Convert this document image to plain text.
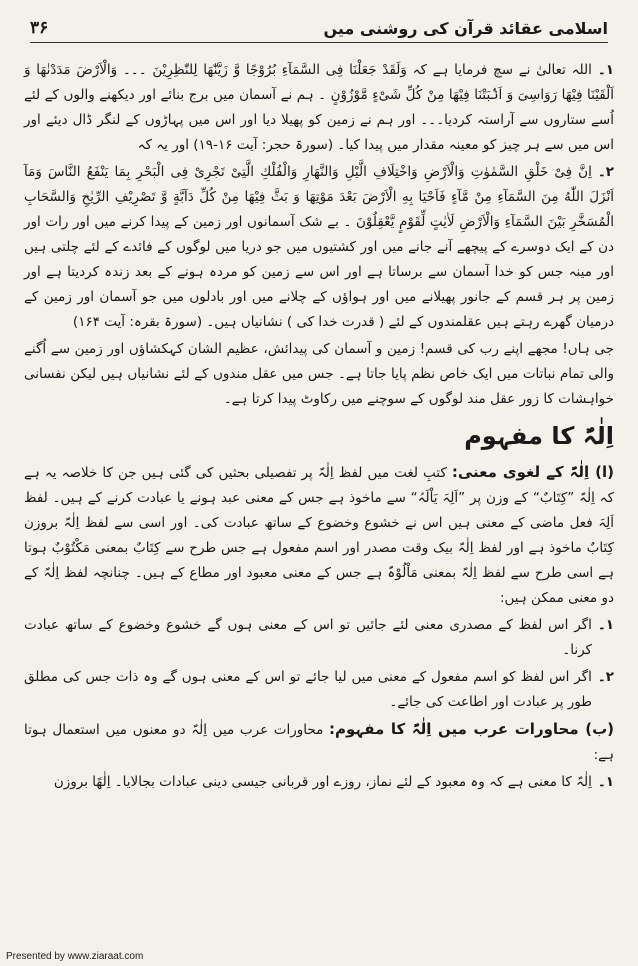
۳۶	اسلامی عقائد قرآن کی روشنی میں

۱۔اللہ تعالیٰ نے سچ فرمایا ہے کہ وَلَقَدْ جَعَلْنَا فِی السَّمَآءِ بُرُوْجًا وَّ زَیَّنّٰهَا لِلنّٰظِرِیْنَ ۔۔۔ وَالْاَرْضَ مَدَدْنٰهَا وَ اَلْقَیْنَا فِیْهَا رَوَاسِیَ وَ اَنْۢبَتْنَا فِیْهَا مِنْ كُلِّ شَیْءٍ مَّوْزُوْنٍ ۔ ہم نے آسمان میں برج بنائے اور دیکھنے والوں کے لئے اُسے ستاروں سے آراستہ کردیا۔۔۔ اور ہم نے زمین کو پھیلا دیا اور اس میں پہاڑوں کے لنگر ڈال دیئے اور اس میں سے ہر چیز کو معینہ مقدار میں پیدا کیا۔ (سورۃ حجر: آیت ۱۶-۱۹) اور یہ کہ

۲۔اِنَّ فِیْ خَلْقِ السَّمٰوٰتِ وَالْاَرْضِ وَاخْتِلَافِ الَّیْلِ وَالنَّهَارِ وَالْفُلْكِ الَّتِیْ تَجْرِیْ فِی الْبَحْرِ بِمَا یَنْفَعُ النَّاسَ وَمَآ اَنْزَلَ اللّٰهُ مِنَ السَّمَآءِ مِنْ مَّآءٍ فَاَحْیَا بِهِ الْاَرْضَ بَعْدَ مَوْتِهَا وَ بَثَّ فِیْهَا مِنْ كُلِّ دَآبَّةٍ وَّ تَصْرِیْفِ الرِّیٰحِ وَالسَّحَابِ الْمُسَخَّرِ بَیْنَ السَّمَآءِ وَالْاَرْضِ لَاٰیٰتٍ لِّقَوْمٍ یَّعْقِلُوْنَ ۔ بے شک آسمانوں اور زمین کے پیدا کرنے میں اور رات اور دن کے ایک دوسرے کے پیچھے آنے جانے میں اور کشتیوں میں جو دریا میں لوگوں کے فائدے کے لئے چلتی ہیں اور مینہ جس کو خدا آسمان سے برساتا ہے اور اس سے زمین کو مردہ ہونے کے بعد زندہ کردیتا ہے اور زمین پر ہر قسم کے جانور پھیلانے میں اور ہواؤں کے چلانے میں اور بادلوں میں جو آسمان اور زمین کے درمیان گھرے رہتے ہیں عقلمندوں کے لئے ( قدرت خدا کی ) نشانیاں ہیں۔ (سورۃ بقرہ: آیت ۱۶۴)

جی ہاں! مجھے اپنے رب کی قسم! زمین و آسمان کی پیدائش، عظیم الشان کہکشاؤں اور زمین سے اُگنے والی تمام نباتات میں ایک خاص نظم پایا جاتا ہے۔ جس میں عقل مندوں کے لئے نشانیاں ہیں لیکن نفسانی خواہشات کا زور عقل مند لوگوں کے سوچنے میں رکاوٹ پیدا کرتا ہے۔

اِلٰہٌ کا مفہوم

(ا) اِلٰہٌ کے لغوی معنی: کتبِ لغت میں لفظ اِلٰہٌ پر تفصیلی بحثیں کی گئی ہیں جن کا خلاصہ یہ ہے کہ اِلٰہٌ ”کِتَابٌ“ کے وزن پر ”اَلِہَ یَاْلَہُ“ سے ماخوذ ہے جس کے معنی عبد ہونے یا عبادت کرنے کے ہیں۔ لفظ اَلِہَ فعل ماضی کے معنی ہیں اس نے خشوع وخضوع کے ساتھ عبادت کی۔ اور اسی سے لفظ اِلٰہٌ بروزن کِتَابٌ ماخوذ ہے اور لفظ اِلٰہٌ بیک وقت مصدر اور اسم مفعول ہے جس طرح سے کِتَابٌ بمعنی مَكْتُوْبٌ ہوتا ہے اسی طرح سے لفظ اِلٰہٌ بمعنی مَاْلُوْہٌ ہے جس کے معنی معبود اور مطاع کے ہیں۔ چنانچہ لفظ اِلٰہٌ کے دو معنی ممکن ہیں:

۱۔اگر اس لفظ کے مصدری معنی لئے جائیں تو اس کے معنی ہوں گے خشوع وخضوع کے ساتھ عبادت کرنا۔

۲۔اگر اس لفظ کو اسم مفعول کے معنی میں لیا جائے تو اس کے معنی ہوں گے وہ ذات جس کی مطلق طور پر عبادت اور اطاعت کی جائے۔

(ب) محاورات عرب میں اِلٰہٌ کا مفہوم: محاورات عرب میں اِلٰہٌ دو معنوں میں استعمال ہوتا ہے:

۱۔اِلٰہٌ کا معنی ہے کہ وہ معبود کے لئے نماز، روزے اور قربانی جیسی دینی عبادات بجالایا۔ اِلٰهًا بروزن

Presented by www.ziaraat.com
